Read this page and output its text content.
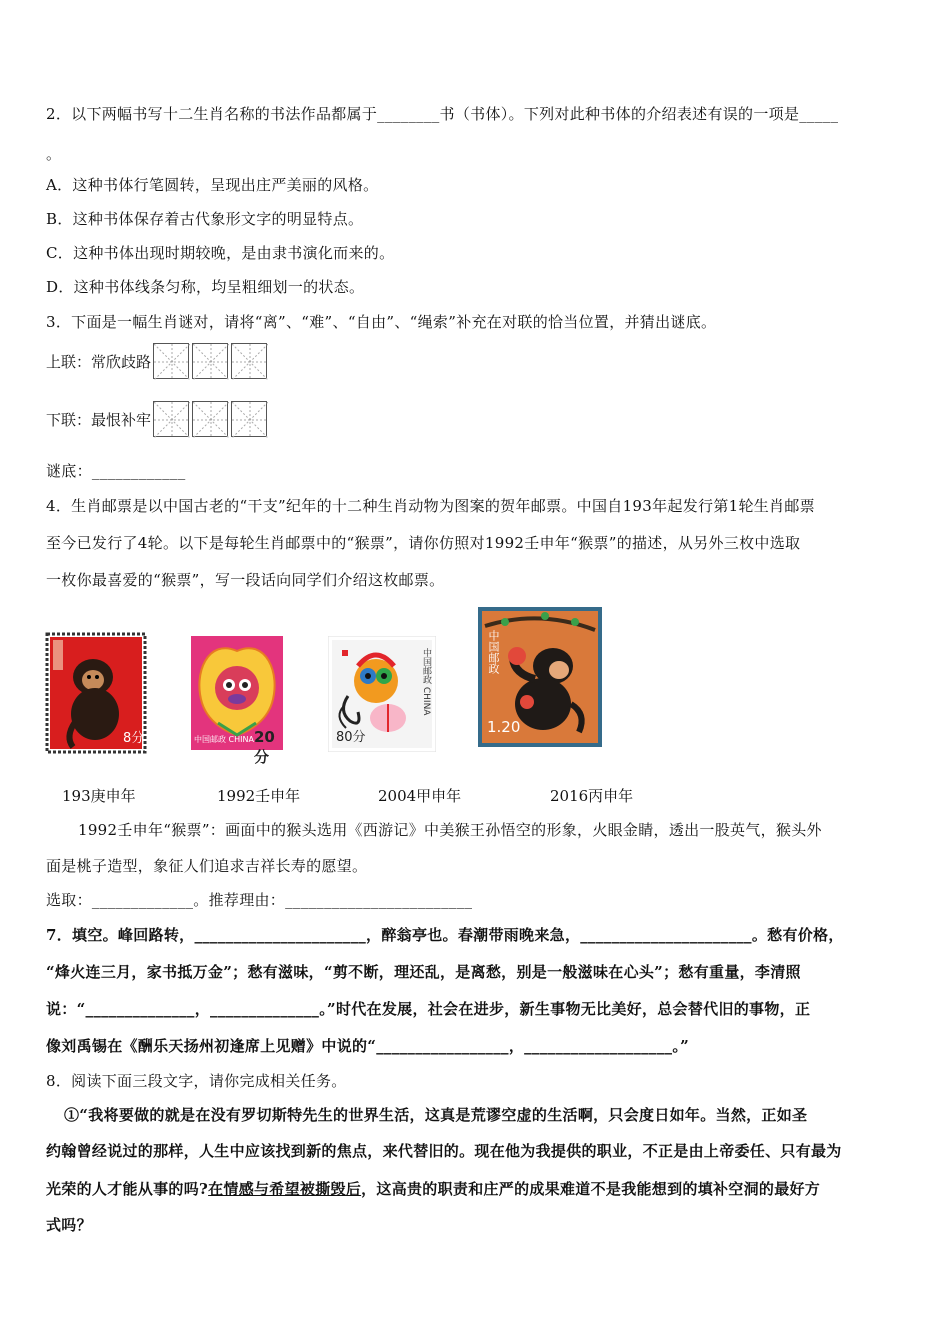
2．以下两幅书写十二生肖名称的书法作品都属于________书（书体）。下列对此种书体的介绍表述有误的一项是_____
。
A．这种书体行笔圆转，呈现出庄严美丽的风格。
B．这种书体保存着古代象形文字的明显特点。
C．这种书体出现时期较晚，是由隶书演化而来的。
D．这种书体线条匀称，均呈粗细划一的状态。
3．下面是一幅生肖谜对，请将“离”、“难”、“自由”、“绳索”补充在对联的恰当位置，并猜出谜底。
上联：常欣歧路
下联：最恨补牢
谜底：____________
4．生肖邮票是以中国古老的“干支”纪年的十二种生肖动物为图案的贺年邮票。中国自193年起发行第1轮生肖邮票
至今已发行了4轮。以下是每轮生肖邮票中的“猴票”，请你仿照对1992壬申年“猴票”的描述，从另外三枚中选取
一枚你最喜爱的“猴票”，写一段话向同学们介绍这枚邮票。
8分	中国邮政 CHINA 20分
中国邮政 CHINA
80分
中国邮政
1.20
193庚申年	1992壬申年	2004甲申年	2016丙申年
1992壬申年“猴票”：画面中的猴头选用《西游记》中美猴王孙悟空的形象，火眼金睛，透出一股英气，猴头外
面是桃子造型，象征人们追求吉祥长寿的愿望。
选取：_____________。推荐理由：________________________
7．填空。峰回路转，______________________，醉翁亭也。春潮带雨晚来急，______________________。愁有价格，
“烽火连三月，家书抵万金”；愁有滋味，“剪不断，理还乱，是离愁，别是一般滋味在心头”；愁有重量，李清照
说：“______________，______________。”时代在发展，社会在进步，新生事物无比美好，总会替代旧的事物，正
像刘禹锡在《酬乐天扬州初逢席上见赠》中说的“_________________，___________________。”
8．阅读下面三段文字，请你完成相关任务。
①“我将要做的就是在没有罗切斯特先生的世界生活，这真是荒谬空虚的生活啊，只会度日如年。当然，正如圣
约翰曾经说过的那样，人生中应该找到新的焦点，来代替旧的。现在他为我提供的职业，不正是由上帝委任、只有最为
光荣的人才能从事的吗?在情感与希望被撕毁后，这高贵的职责和庄严的成果难道不是我能想到的填补空洞的最好方
式吗？
